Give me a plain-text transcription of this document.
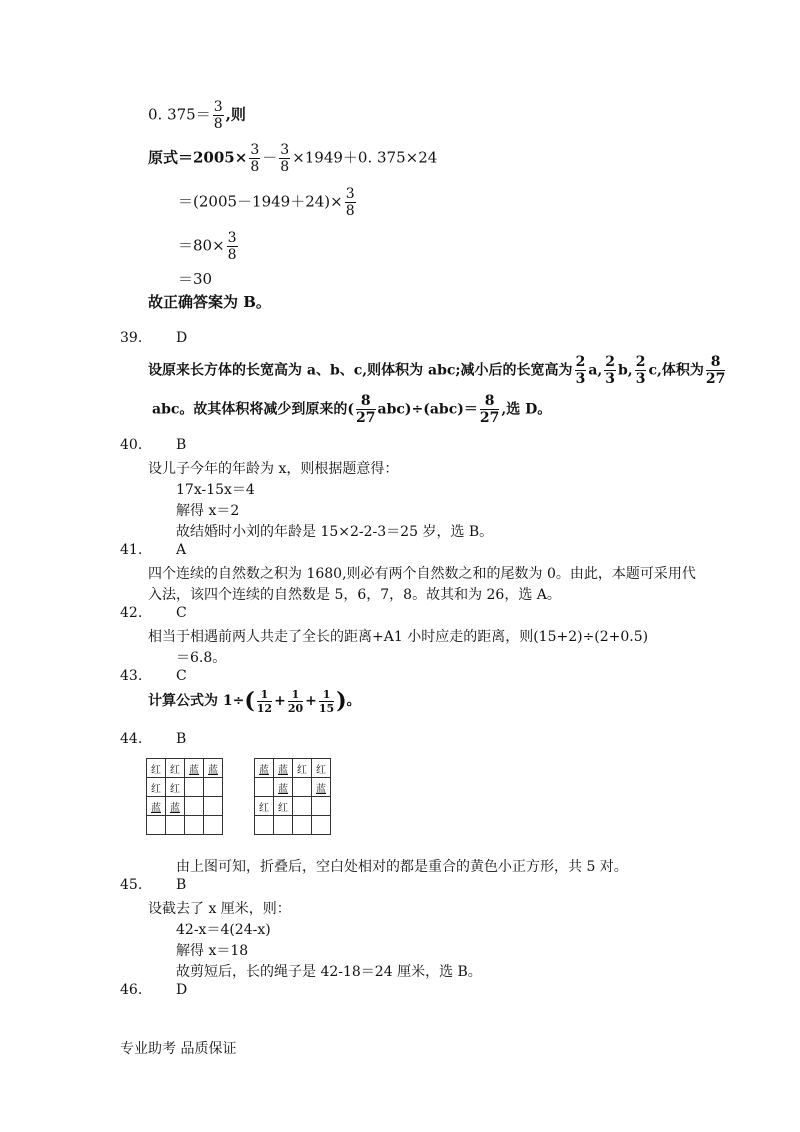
0. $375= \frac{3}{8}$ ,则
原式$=2005\times \frac{3}{8} - \frac{3}{8} \times 1949+0$. 375×24
$=(2005-1949+24)\times \frac{3}{8}$
$=80\times \frac{3}{8}$
＝30
故正确答案为 B。
39. D
设原来长方体的长宽高为 a、b、c,则体积为 abc;减小后的长宽高为 $\frac{2}{3} a$, $\frac{2}{3} b$, $\frac{2}{3} c$,体积为 $\frac{8}{27}$
abc。故其体积将减少到原来的( $\frac{8}{27} abc)\div(abc)= \frac{8}{27}$ ,选 D。
40. B
设儿子今年的年龄为 x，则根据题意得：
17x-15x＝4
解得 x＝2
故结婚时小刘的年龄是 15×2-2-3＝25 岁，选 B。
41. A
四个连续的自然数之积为 1680,则必有两个自然数之和的尾数为 0。由此，本题可采用代
入法，该四个连续的自然数是 5，6，7，8。故其和为 26，选 A。
42. C
相当于相遇前两人共走了全长的距离+A1 小时应走的距离，则(15+2)÷(2+0.5)
＝6.8。
43. C
计算公式为 $1\div( \frac{1}{12} + \frac{1}{20} + \frac{1}{15}$ )。
44. B
红	红	蓝	蓝
红	红		
蓝	蓝		

蓝	蓝	红	红
	蓝		蓝
红	红		

由上图可知，折叠后，空白处相对的都是重合的黄色小正方形，共 5 对。
45. B
设截去了 x 厘米，则：
42-x＝4(24-x)
解得 x＝18
故剪短后，长的绳子是 42-18＝24 厘米，选 B。
46. D
专业助考 品质保证
